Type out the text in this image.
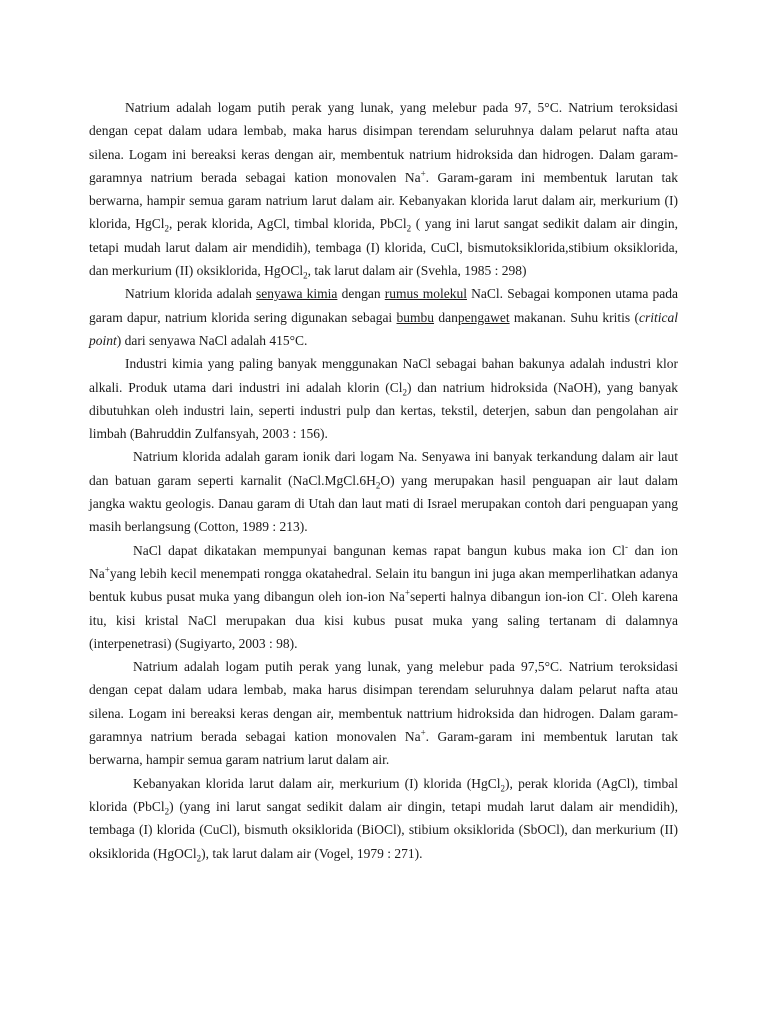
Natrium adalah logam putih perak yang lunak, yang melebur pada 97, 5°C. Natrium teroksidasi dengan cepat dalam udara lembab, maka harus disimpan terendam seluruhnya dalam pelarut nafta atau silena. Logam ini bereaksi keras dengan air, membentuk natrium hidroksida dan hidrogen. Dalam garam-garamnya natrium berada sebagai kation monovalen Na+. Garam-garam ini membentuk larutan tak berwarna, hampir semua garam natrium larut dalam air. Kebanyakan klorida larut dalam air, merkurium (I) klorida, HgCl$_2$, perak klorida, AgCl, timbal klorida, PbCl$_2$ ( yang ini larut sangat sedikit dalam air dingin, tetapi mudah larut dalam air mendidih), tembaga (I) klorida, CuCl, bismutoksiklorida,stibium oksiklorida, dan merkurium (II) oksiklorida, HgOCl$_2$, tak larut dalam air (Svehla, 1985 : 298)

Natrium klorida adalah senyawa kimia dengan rumus molekul NaCl. Sebagai komponen utama pada garam dapur, natrium klorida sering digunakan sebagai bumbu danpengawet makanan. Suhu kritis (critical point) dari senyawa NaCl adalah 415°C.

Industri kimia yang paling banyak menggunakan NaCl sebagai bahan bakunya adalah industri klor alkali. Produk utama dari industri ini adalah klorin $(Cl_2)$ dan natrium hidroksida (NaOH), yang banyak dibutuhkan oleh industri lain, seperti industri pulp dan kertas, tekstil, deterjen, sabun dan pengolahan air limbah (Bahruddin Zulfansyah, 2003 : 156).

Natrium klorida adalah garam ionik dari logam Na. Senyawa ini banyak terkandung dalam air laut dan batuan garam seperti karnalit $(NaCl.MgCl.6H_2O)$ yang merupakan hasil penguapan air laut dalam jangka waktu geologis. Danau garam di Utah dan laut mati di Israel merupakan contoh dari penguapan yang masih berlangsung (Cotton, 1989 : 213).

NaCl dapat dikatakan mempunyai bangunan kemas rapat bangun kubus maka ion Cl- dan ion Na+yang lebih kecil menempati rongga okatahedral. Selain itu bangun ini juga akan memperlihatkan adanya bentuk kubus pusat muka yang dibangun oleh ion-ion Na+seperti halnya dibangun ion-ion Cl-. Oleh karena itu, kisi kristal NaCl merupakan dua kisi kubus pusat muka yang saling tertanam di dalamnya (interpenetrasi) (Sugiyarto, 2003 : 98).

Natrium adalah logam putih perak yang lunak, yang melebur pada 97,5°C. Natrium teroksidasi dengan cepat dalam udara lembab, maka harus disimpan terendam seluruhnya dalam pelarut nafta atau silena. Logam ini bereaksi keras dengan air, membentuk nattrium hidroksida dan hidrogen. Dalam garam-garamnya natrium berada sebagai kation monovalen Na+. Garam-garam ini membentuk larutan tak berwarna, hampir semua garam natrium larut dalam air.

Kebanyakan klorida larut dalam air, merkurium (I) klorida (HgCl$_2$), perak klorida (AgCl), timbal klorida (PbCl$_2$) (yang ini larut sangat sedikit dalam air dingin, tetapi mudah larut dalam air mendidih), tembaga (I) klorida (CuCl), bismuth oksiklorida (BiOCl), stibium oksiklorida (SbOCl), dan merkurium (II) oksiklorida (HgOCl$_2$), tak larut dalam air (Vogel, 1979 : 271).
